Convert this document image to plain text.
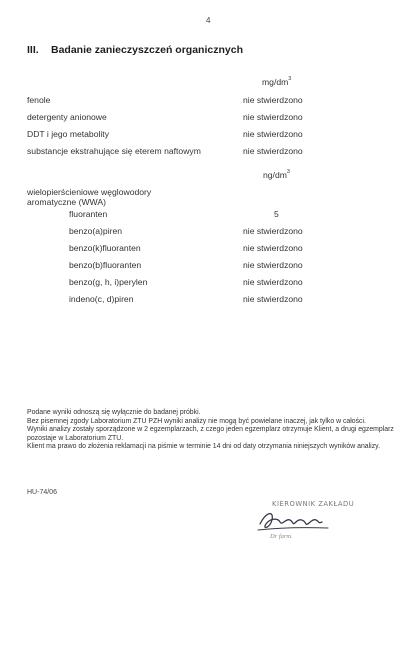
4
III. Badanie zanieczyszczeń organicznych
$mg/dm^3$
fenole	nie stwierdzono
detergenty anionowe	nie stwierdzono
DDT i jego metabolity	nie stwierdzono
substancje ekstrahujące się eterem naftowym	nie stwierdzono
$ng/dm^3$
wielopierścieniowe węglowodory aromatyczne (WWA)
fluoranten	5
benzo(a)piren	nie stwierdzono
benzo(k)fluoranten	nie stwierdzono
benzo(b)fluoranten	nie stwierdzono
benzo(g, h, i)perylen	nie stwierdzono
indeno(c, d)piren	nie stwierdzono

Podane wyniki odnoszą się wyłącznie do badanej próbki.

Bez pisemnej zgody Laboratorium ZTU PZH wyniki analizy nie mogą być powielane inaczej, jak tylko w całości.

Wyniki analizy zostały sporządzone w 2 egzemplarzach, z czego jeden egzemplarz otrzymuje Klient, a drugi egzemplarz pozostaje w Laboratorium ZTU.

Klient ma prawo do złożenia reklamacji na piśmie w terminie 14 dni od daty otrzymania niniejszych wyników analizy.

HU-74/06
KIEROWNIK ZAKŁADU
Dr farm.
